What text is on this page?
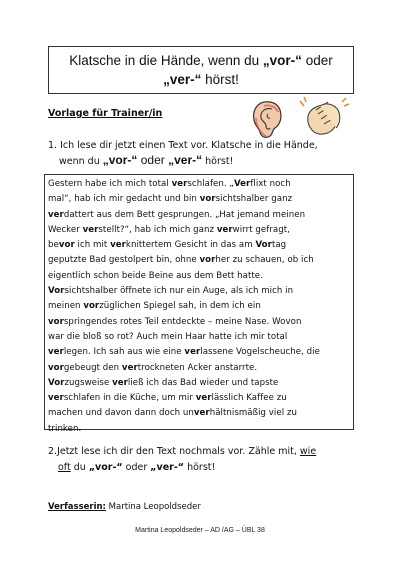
Klatsche in die Hände, wenn du „vor-“ oder
„ver-“ hörst!
Vorlage für Trainer/in
1. Ich lese dir jetzt einen Text vor. Klatsche in die Hände,
wenn du „vor-“ oder „ver-“ hörst!
Gestern habe ich mich total verschlafen. „Verflixt noch
mal“, hab ich mir gedacht und bin vorsichtshalber ganz
verdattert aus dem Bett gesprungen. „Hat jemand meinen
Wecker verstellt?“, hab ich mich ganz verwirrt gefragt,
bevor ich mit verknittertem Gesicht in das am Vortag
geputzte Bad gestolpert bin, ohne vorher zu schauen, ob ich
eigentlich schon beide Beine aus dem Bett hatte.
Vorsichtshalber öffnete ich nur ein Auge, als ich mich in
meinen vorzüglichen Spiegel sah, in dem ich ein
vorspringendes rotes Teil entdeckte – meine Nase. Wovon
war die bloß so rot? Auch mein Haar hatte ich mir total
verlegen. Ich sah aus wie eine verlassene Vogelscheuche, die
vorgebeugt den vertrockneten Acker anstarrte.
Vorzugsweise verließ ich das Bad wieder und tapste
verschlafen in die Küche, um mir verlässlich Kaffee zu
machen und davon dann doch unverhältnismäßig viel zu
trinken.
2.Jetzt lese ich dir den Text nochmals vor. Zähle mit, wie
oft du „vor-“ oder „ver-“ hörst!
Verfasserin: Martina Leopoldseder
Martina Leopoldseder – AD /AG – ÜBL 38
